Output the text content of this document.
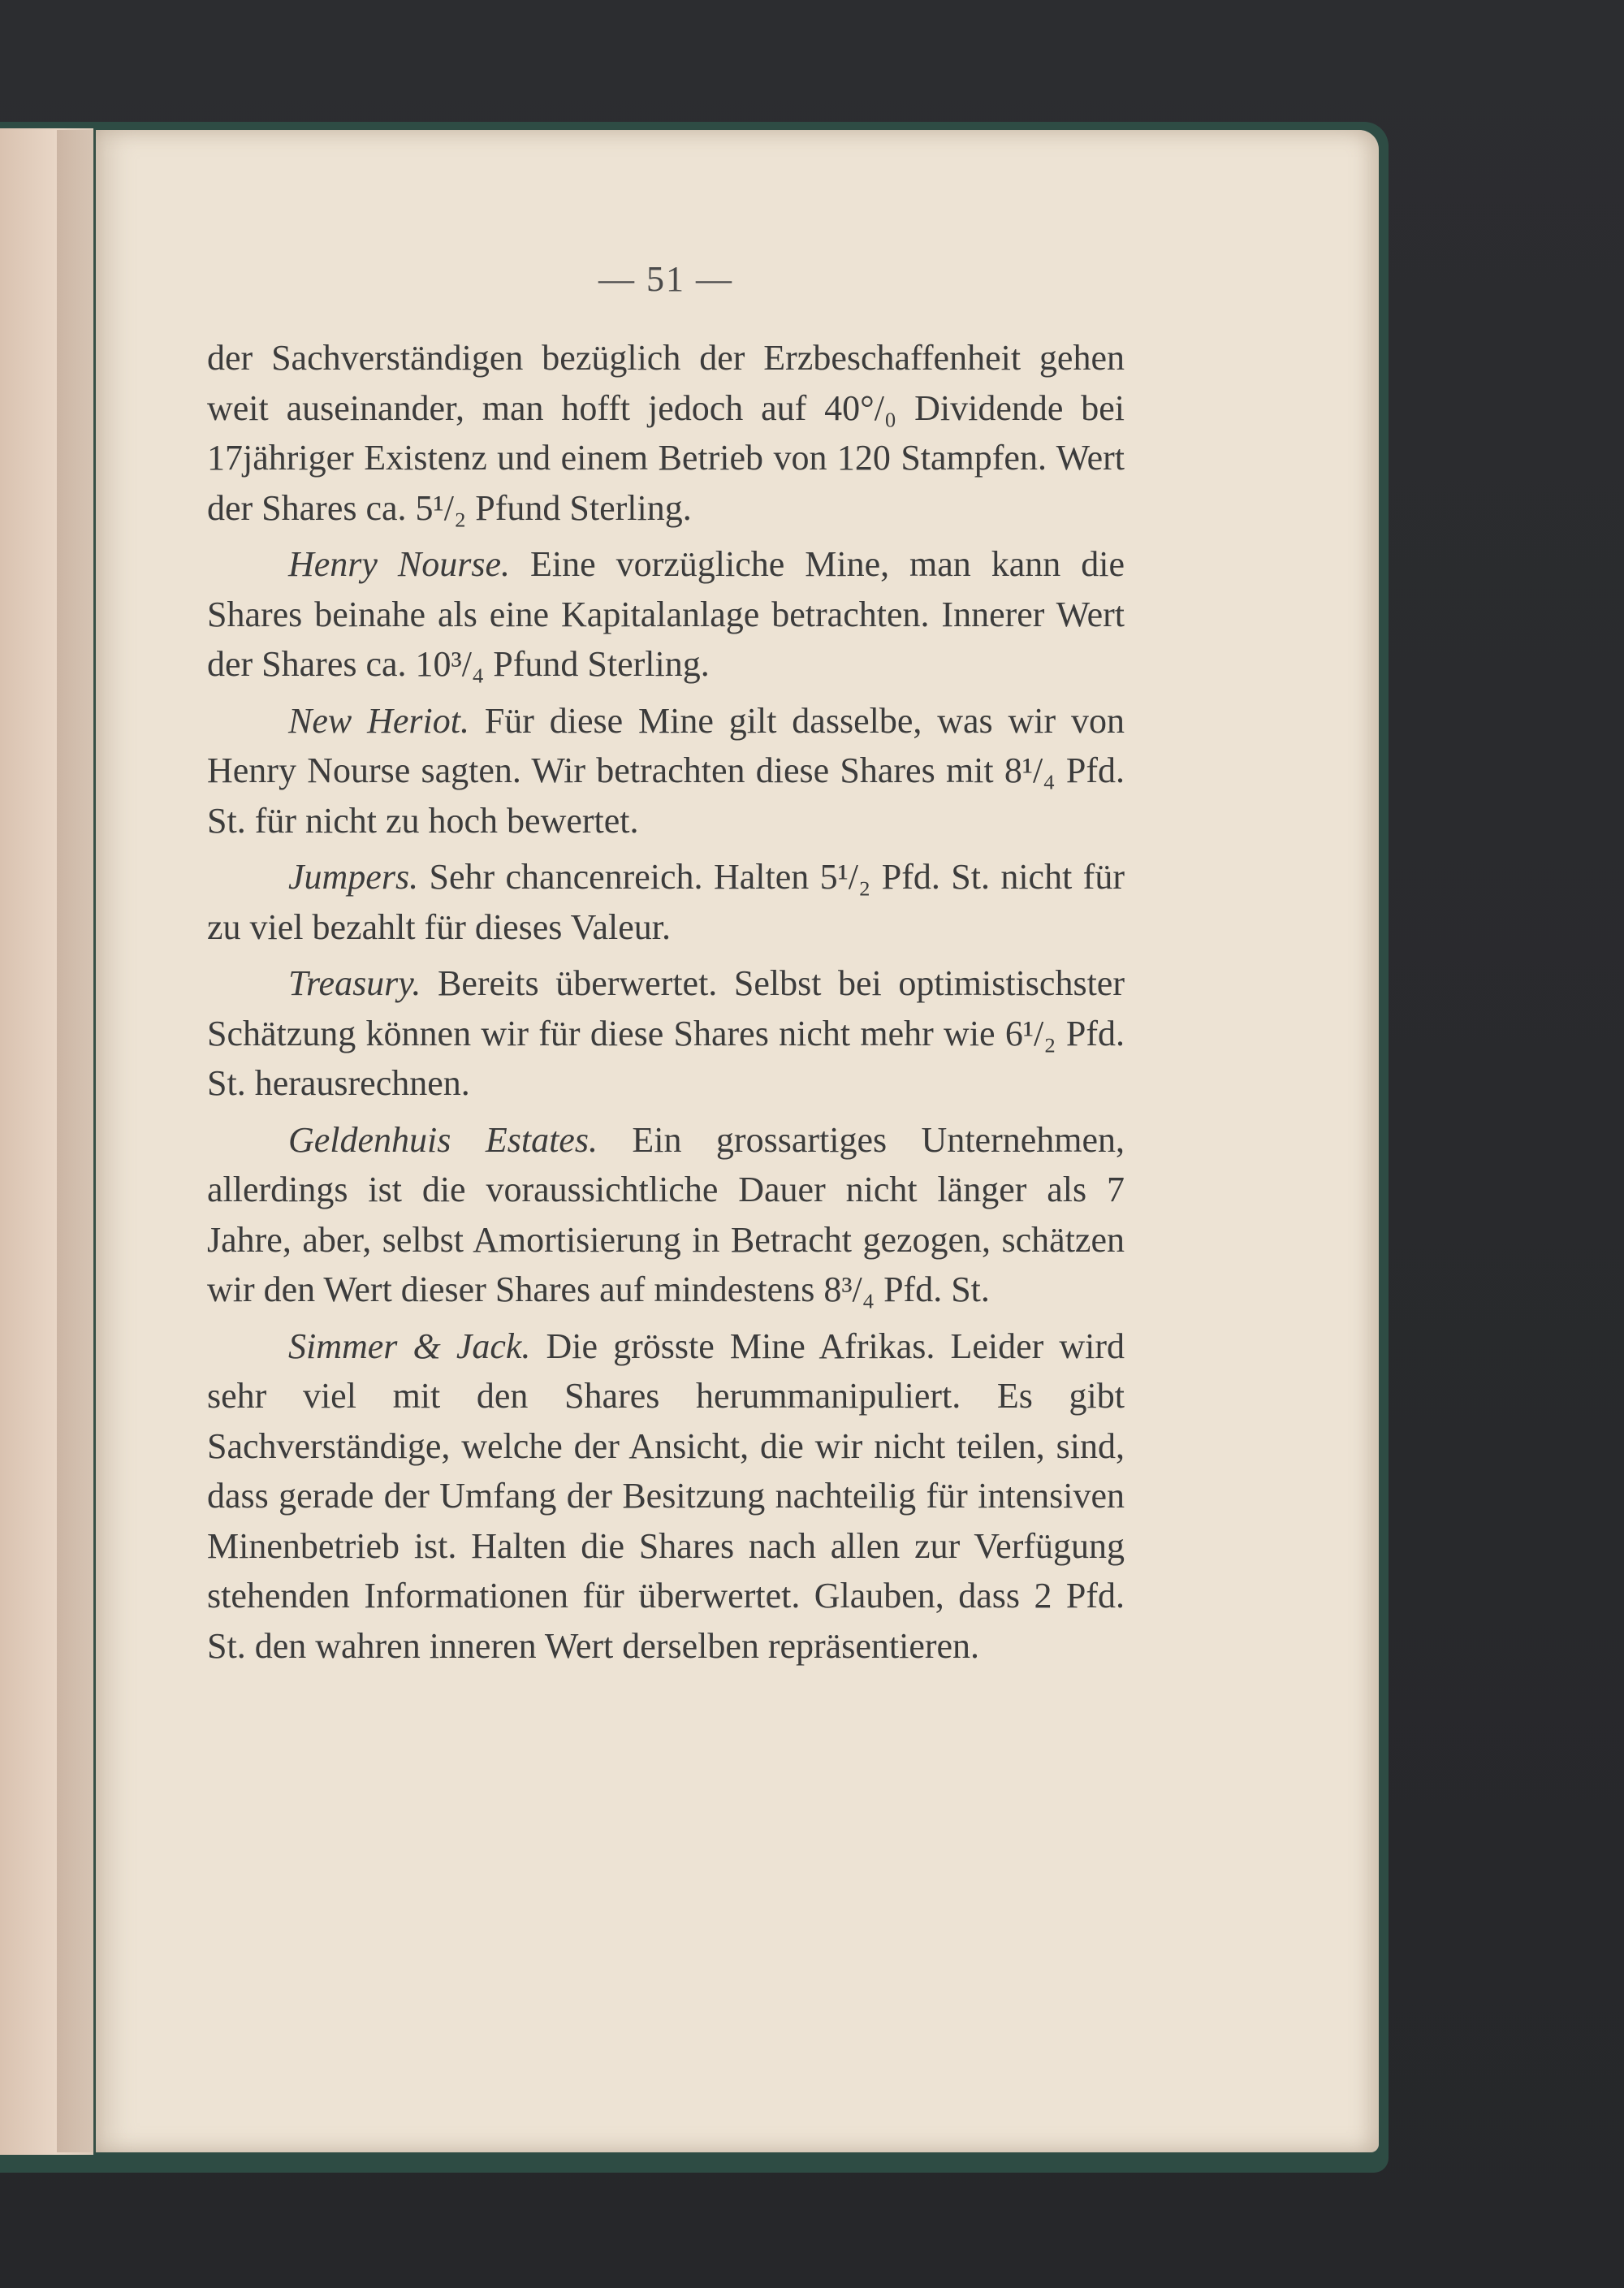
— 51 —

der Sachverständigen bezüglich der Erzbeschaffenheit gehen weit auseinander, man hofft jedoch auf 40°/₀ Dividende bei 17jähriger Existenz und einem Betrieb von 120 Stampfen. Wert der Shares ca. 5¹/₂ Pfund Sterling.

Henry Nourse. Eine vorzügliche Mine, man kann die Shares beinahe als eine Kapitalanlage betrachten. Innerer Wert der Shares ca. 10³/₄ Pfund Sterling.

New Heriot. Für diese Mine gilt dasselbe, was wir von Henry Nourse sagten. Wir betrachten diese Shares mit 8¹/₄ Pfd. St. für nicht zu hoch bewertet.

Jumpers. Sehr chancenreich. Halten 5¹/₂ Pfd. St. nicht für zu viel bezahlt für dieses Valeur.

Treasury. Bereits überwertet. Selbst bei optimistischster Schätzung können wir für diese Shares nicht mehr wie 6¹/₂ Pfd. St. herausrechnen.

Geldenhuis Estates. Ein grossartiges Unternehmen, allerdings ist die voraussichtliche Dauer nicht länger als 7 Jahre, aber, selbst Amortisierung in Betracht gezogen, schätzen wir den Wert dieser Shares auf mindestens 8³/₄ Pfd. St.

Simmer & Jack. Die grösste Mine Afrikas. Leider wird sehr viel mit den Shares herummanipuliert. Es gibt Sachverständige, welche der Ansicht, die wir nicht teilen, sind, dass gerade der Umfang der Besitzung nachteilig für intensiven Minenbetrieb ist. Halten die Shares nach allen zur Verfügung stehenden Informationen für überwertet. Glauben, dass 2 Pfd. St. den wahren inneren Wert derselben repräsentieren.
